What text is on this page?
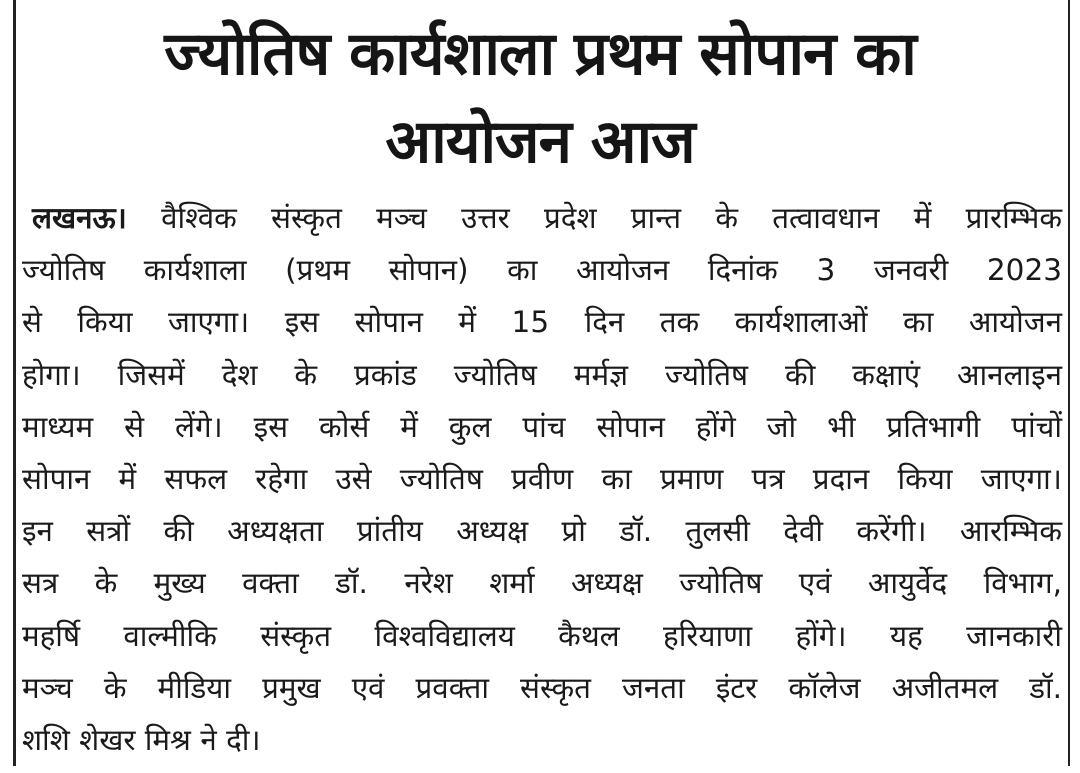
ज्योतिष कार्यशाला प्रथम सोपान का
आयोजन आज
लखनऊ। वैश्विक संस्कृत मञ्च उत्तर प्रदेश प्रान्त के तत्वावधान में प्रारम्भिक
ज्योतिष कार्यशाला (प्रथम सोपान) का आयोजन दिनांक 3 जनवरी 2023
से किया जाएगा। इस सोपान में 15 दिन तक कार्यशालाओं का आयोजन
होगा। जिसमें देश के प्रकांड ज्योतिष मर्मज्ञ ज्योतिष की कक्षाएं आनलाइन
माध्यम से लेंगे। इस कोर्स में कुल पांच सोपान होंगे जो भी प्रतिभागी पांचों
सोपान में सफल रहेगा उसे ज्योतिष प्रवीण का प्रमाण पत्र प्रदान किया जाएगा।
इन सत्रों की अध्यक्षता प्रांतीय अध्यक्ष प्रो डॉ. तुलसी देवी करेंगी। आरम्भिक
सत्र के मुख्य वक्ता डॉ. नरेश शर्मा अध्यक्ष ज्योतिष एवं आयुर्वेद विभाग,
महर्षि वाल्मीकि संस्कृत विश्वविद्यालय कैथल हरियाणा होंगे। यह जानकारी
मञ्च के मीडिया प्रमुख एवं प्रवक्ता संस्कृत जनता इंटर कॉलेज अजीतमल डॉ.
शशि शेखर मिश्र ने दी।
